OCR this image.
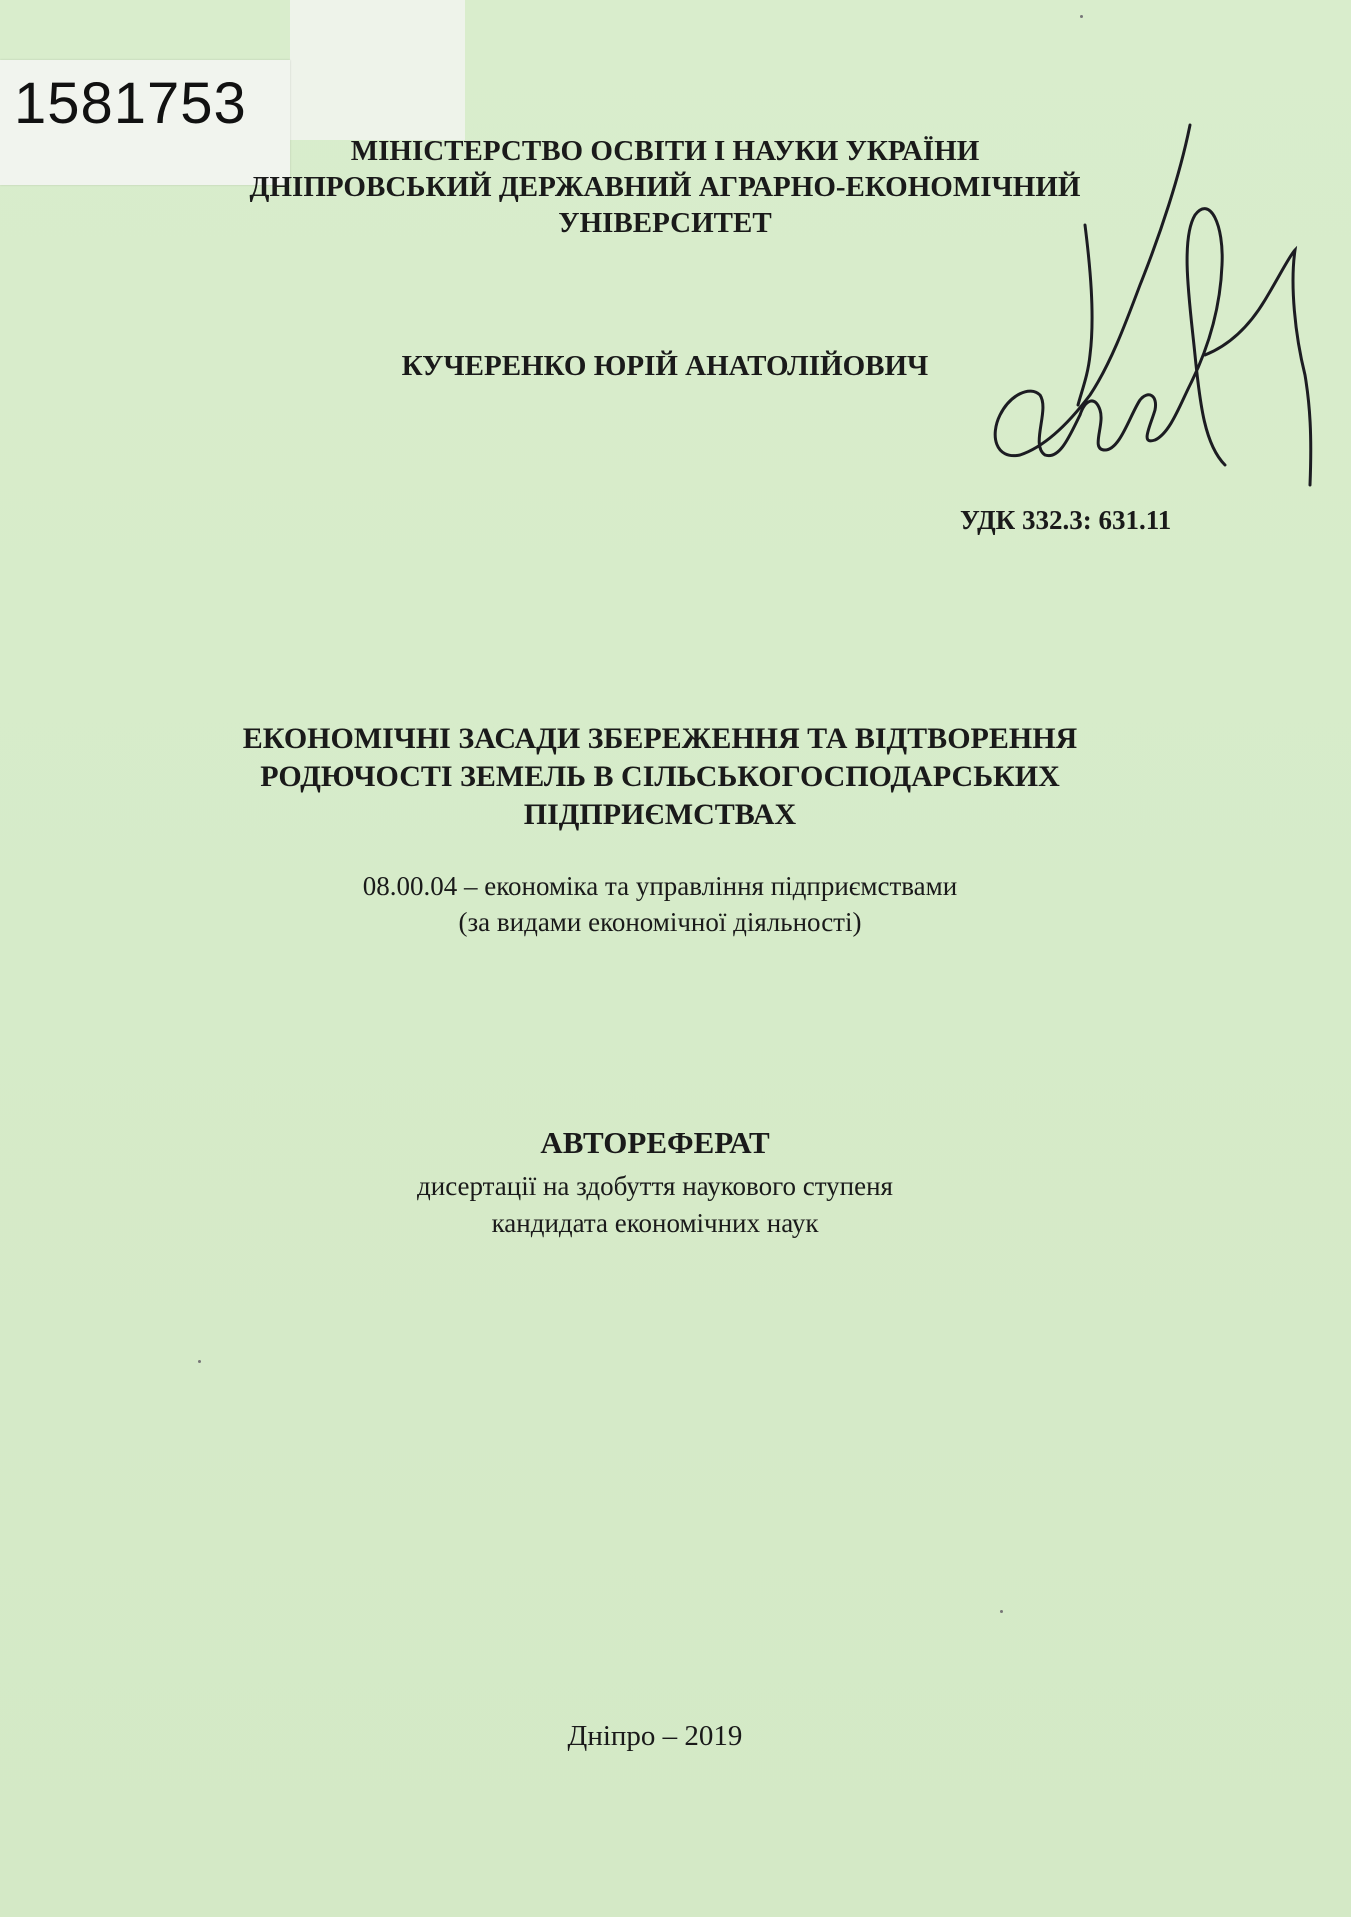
1581753
МІНІСТЕРСТВО ОСВІТИ І НАУКИ УКРАЇНИ
ДНІПРОВСЬКИЙ ДЕРЖАВНИЙ АГРАРНО-ЕКОНОМІЧНИЙ
УНІВЕРСИТЕТ
КУЧЕРЕНКО ЮРІЙ АНАТОЛІЙОВИЧ
УДК 332.3: 631.11
ЕКОНОМІЧНІ ЗАСАДИ ЗБЕРЕЖЕННЯ ТА ВІДТВОРЕННЯ
РОДЮЧОСТІ ЗЕМЕЛЬ В СІЛЬСЬКОГОСПОДАРСЬКИХ
ПІДПРИЄМСТВАХ
08.00.04 – економіка та управління підприємствами
(за видами економічної діяльності)
АВТОРЕФЕРАТ
дисертації на здобуття наукового ступеня
кандидата економічних наук
Дніпро – 2019
